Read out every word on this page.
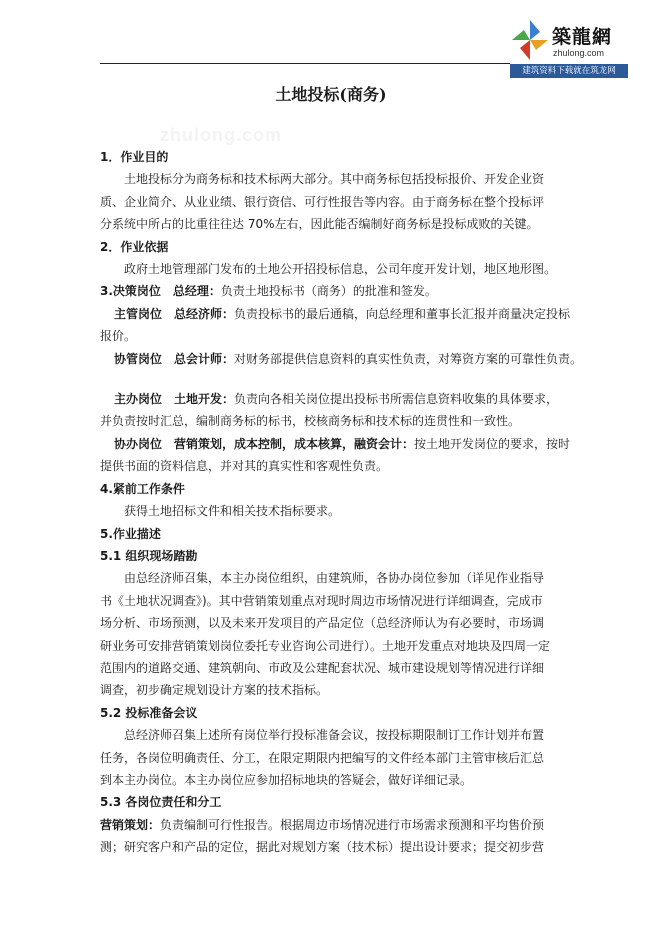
築龍網
zhulong.com
建筑资料下载就在筑龙网
土地投标(商务)
zhulong.com
1．作业目的
土地投标分为商务标和技术标两大部分。其中商务标包括投标报价、开发企业资
质、企业简介、从业业绩、银行资信、可行性报告等内容。由于商务标在整个投标评
分系统中所占的比重往往达 70%左右，因此能否编制好商务标是投标成败的关键。
2．作业依据
政府土地管理部门发布的土地公开招投标信息，公司年度开发计划，地区地形图。
3.决策岗位　总经理：负责土地投标书（商务）的批准和签发。
主管岗位　总经济师：负责投标书的最后通稿，向总经理和董事长汇报并商量决定投标
报价。
协管岗位　总会计师：对财务部提供信息资料的真实性负责，对筹资方案的可靠性负责。
主办岗位　土地开发：负责向各相关岗位提出投标书所需信息资料收集的具体要求，
并负责按时汇总，编制商务标的标书，校核商务标和技术标的连贯性和一致性。
协办岗位　营销策划，成本控制，成本核算，融资会计：按土地开发岗位的要求，按时
提供书面的资料信息，并对其的真实性和客观性负责。
4.紧前工作条件
获得土地招标文件和相关技术指标要求。
5.作业描述
5.1 组织现场踏勘
由总经济师召集，本主办岗位组织，由建筑师，各协办岗位参加（详见作业指导
书《土地状况调查》)。其中营销策划重点对现时周边市场情况进行详细调查，完成市
场分析、市场预测，以及未来开发项目的产品定位（总经济师认为有必要时，市场调
研业务可安排营销策划岗位委托专业咨询公司进行）。土地开发重点对地块及四周一定
范围内的道路交通、建筑朝向、市政及公建配套状况、城市建设规划等情况进行详细
调查，初步确定规划设计方案的技术指标。
5.2 投标准备会议
总经济师召集上述所有岗位举行投标准备会议，按投标期限制订工作计划并布置
任务，各岗位明确责任、分工，在限定期限内把编写的文件经本部门主管审核后汇总
到本主办岗位。本主办岗位应参加招标地块的答疑会，做好详细记录。
5.3 各岗位责任和分工
营销策划：负责编制可行性报告。根据周边市场情况进行市场需求预测和平均售价预
测；研究客户和产品的定位，据此对规划方案（技术标）提出设计要求；提交初步营
